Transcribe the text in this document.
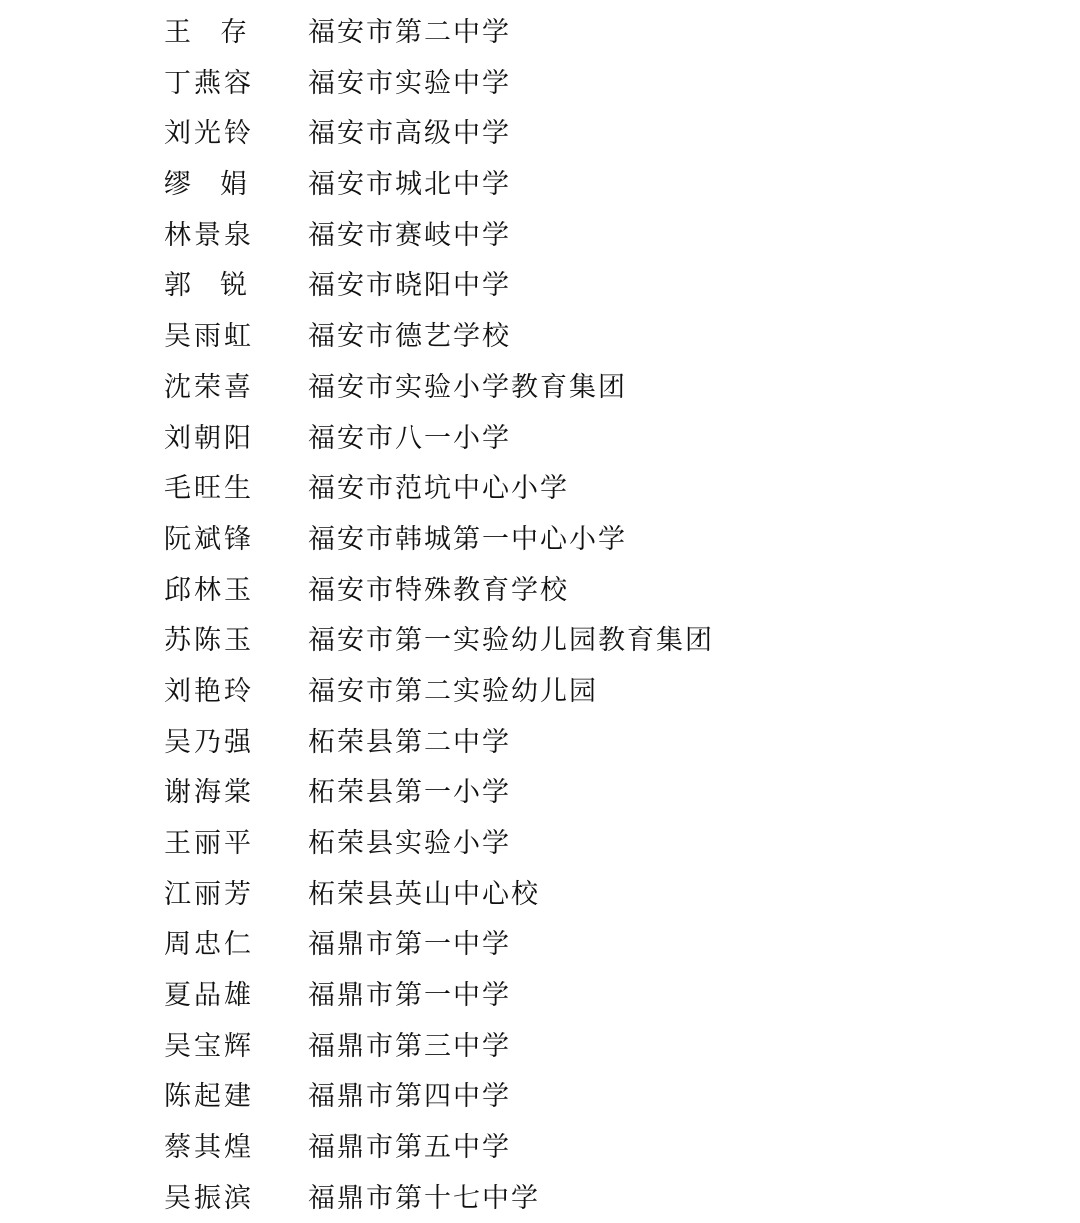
王 存 福安市第二中学
丁燕容 福安市实验中学
刘光铃 福安市高级中学
缪 娟 福安市城北中学
林景泉 福安市赛岐中学
郭 锐 福安市晓阳中学
吴雨虹 福安市德艺学校
沈荣喜 福安市实验小学教育集团
刘朝阳 福安市八一小学
毛旺生 福安市范坑中心小学
阮斌锋 福安市韩城第一中心小学
邱林玉 福安市特殊教育学校
苏陈玉 福安市第一实验幼儿园教育集团
刘艳玲 福安市第二实验幼儿园
吴乃强 柘荣县第二中学
谢海棠 柘荣县第一小学
王丽平 柘荣县实验小学
江丽芳 柘荣县英山中心校
周忠仁 福鼎市第一中学
夏品雄 福鼎市第一中学
吴宝辉 福鼎市第三中学
陈起建 福鼎市第四中学
蔡其煌 福鼎市第五中学
吴振滨 福鼎市第十七中学
